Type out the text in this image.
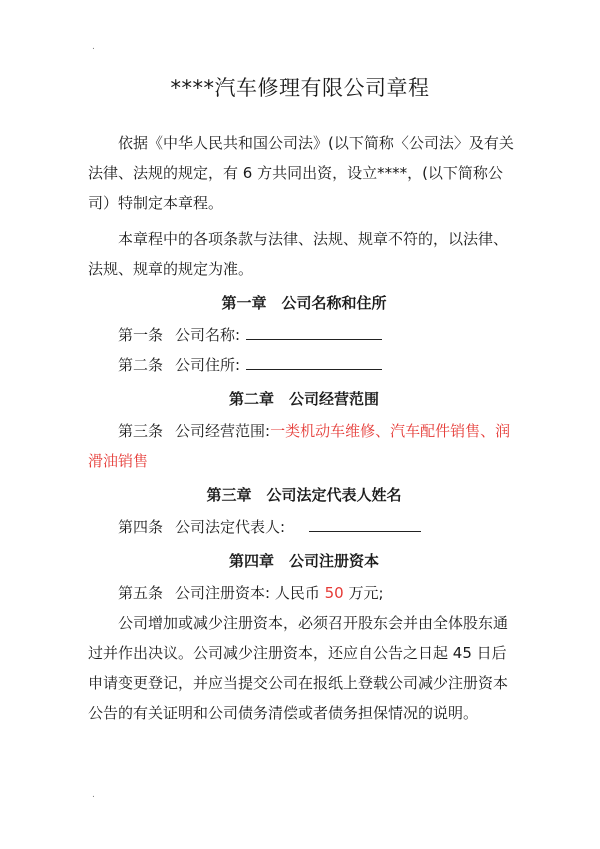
.
.
****汽车修理有限公司章程

依据《中华人民共和国公司法》(以下简称〈公司法〉及有关法律、法规的规定，有 6 方共同出资，设立****，(以下简称公司）特制定本章程。

本章程中的各项条款与法律、法规、规章不符的，以法律、法规、规章的规定为准。

第一章　公司名称和住所

第一条 公司名称:

第二条 公司住所:

第二章　公司经营范围

第三条 公司经营范围:一类机动车维修、汽车配件销售、润滑油销售

第三章　公司法定代表人姓名

第四条 公司法定代表人:

第四章　公司注册资本

第五条 公司注册资本: 人民币 50 万元;

公司增加或减少注册资本，必须召开股东会并由全体股东通过并作出决议。公司减少注册资本，还应自公告之日起 45 日后申请变更登记，并应当提交公司在报纸上登载公司减少注册资本公告的有关证明和公司债务清偿或者债务担保情况的说明。
